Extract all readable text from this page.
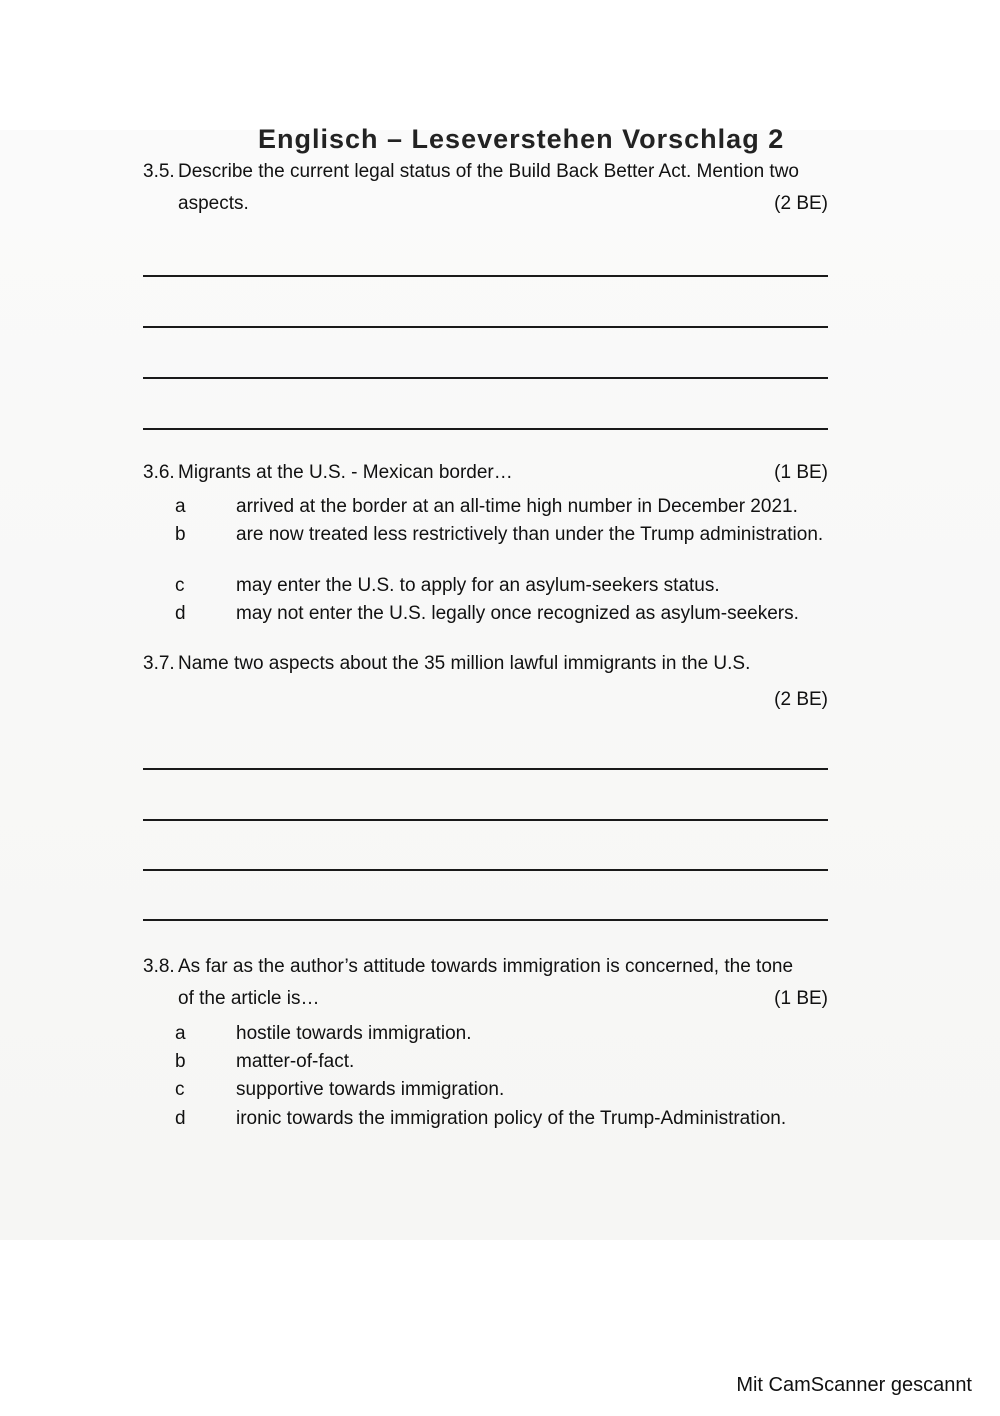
Englisch – Leseverstehen Vorschlag 2
3.5. Describe the current legal status of the Build Back Better Act. Mention two
aspects.	(2 BE)
3.6. Migrants at the U.S. - Mexican border…	(1 BE)
a	arrived at the border at an all-time high number in December 2021.
b	are now treated less restrictively than under the Trump administration.
c	may enter the U.S. to apply for an asylum-seekers status.
d	may not enter the U.S. legally once recognized as asylum-seekers.
3.7. Name two aspects about the 35 million lawful immigrants in the U.S.
(2 BE)
3.8. As far as the author’s attitude towards immigration is concerned, the tone
of the article is…	(1 BE)
a	hostile towards immigration.
b	matter-of-fact.
c	supportive towards immigration.
d	ironic towards the immigration policy of the Trump-Administration.
Mit CamScanner gescannt
